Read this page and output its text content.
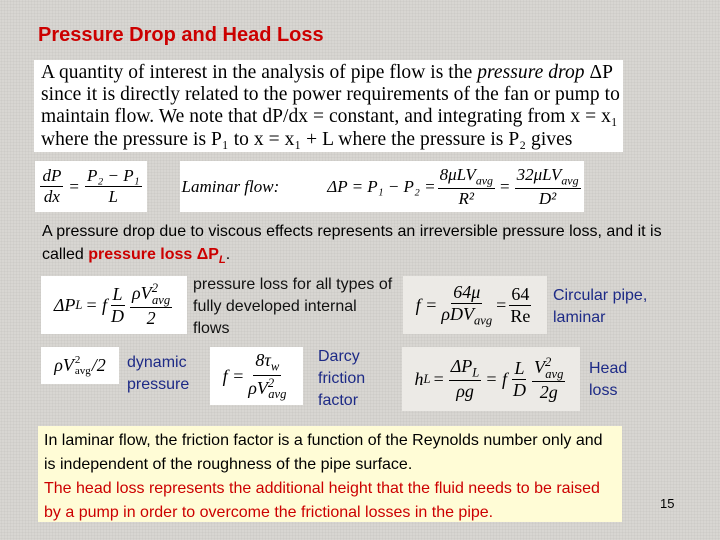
Pressure Drop and Head Loss
A quantity of interest in the analysis of pipe flow is the pressure drop ΔP
since it is directly related to the power requirements of the fan or pump to
maintain flow. We note that dP/dx = constant, and integrating from x = x₁
where the pressure is P₁ to x = x₁ + L where the pressure is P₂ gives
$\frac{dP}{dx} = \frac{\text{P₂ − P₁}}{L}$ Laminar flow:	$\Delta P = P_1 - P_2 = \frac{8\mu LV_{avg}}{\text{R²}} = \frac{32\mu LV_{avg}}{\text{D²}}$
A pressure drop due to viscous effects represents an irreversible pressure loss, and it is called pressure loss $\Delta P_L$.
ΔP L = f $\frac{L}{D} \frac{\rho V^2_{avg}}{2}$ pressure loss for all types of fully developed internal flows
$f = \frac{64\mu}{\rho DV_{avg}} = \frac{64}{Re}$ Circular pipe, laminar
ρV 2
avg /2 dynamic pressure	$f = \frac{8\tau_w}{\rho V^2_{avg}}$ Darcy friction factor
h $L = \frac{\Delta P_L}{\rho g} = f \frac{L}{D} \frac{V^2_{avg}}{2g}$ Head loss
In laminar flow, the friction factor is a function of the Reynolds number only and is independent of the roughness of the pipe surface.
The head loss represents the additional height that the fluid needs to be raised by a pump in order to overcome the frictional losses in the pipe.	15
